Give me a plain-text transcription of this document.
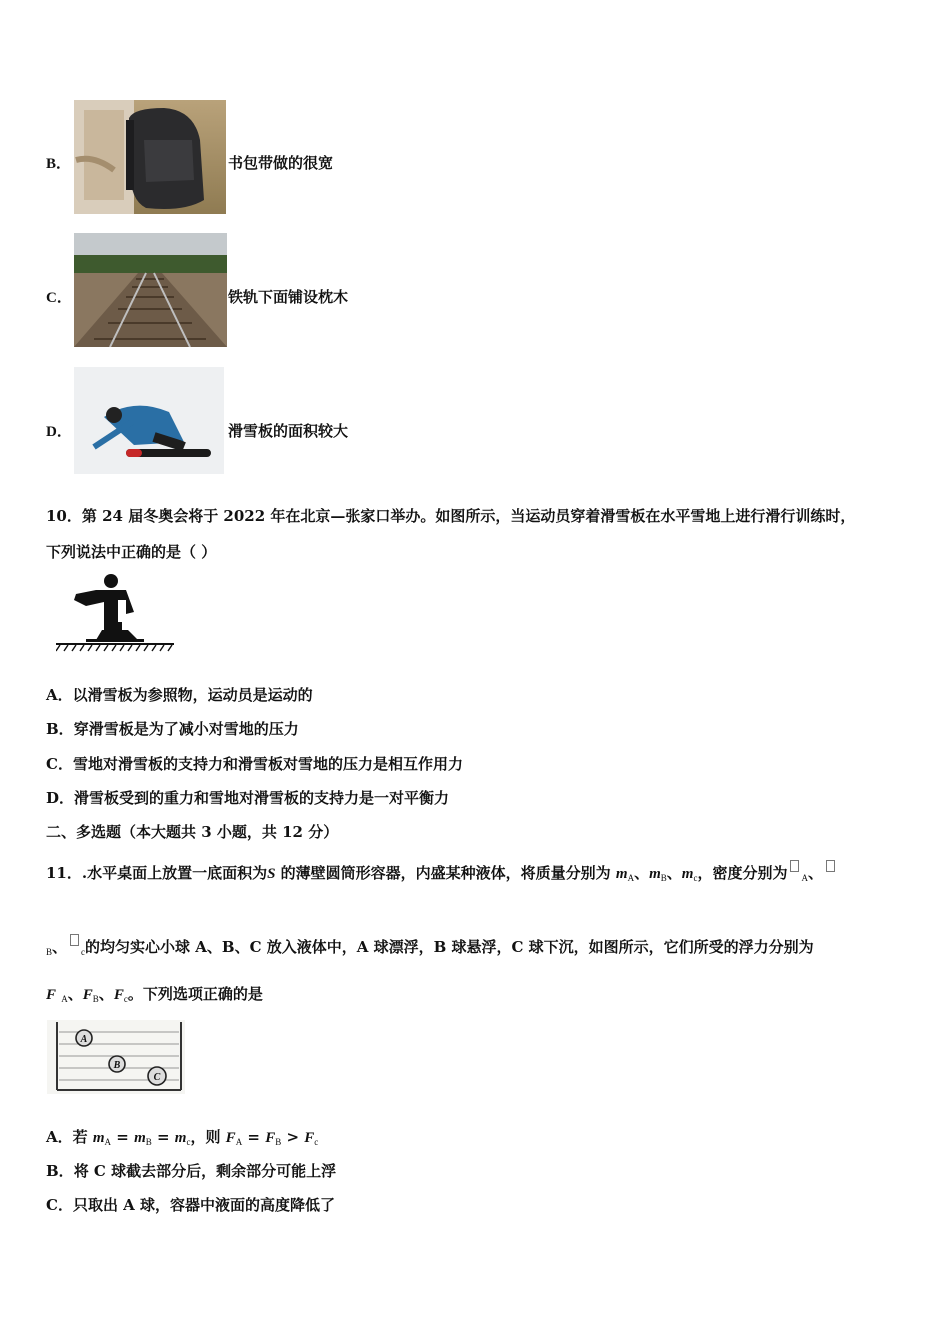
B．	书包带做的很宽
C．	铁轨下面铺设枕木
D．	滑雪板的面积较大
10．第 24 届冬奥会将于 2022 年在北京—张家口举办。如图所示，当运动员穿着滑雪板在水平雪地上进行滑行训练时，
下列说法中正确的是（ ）
A．以滑雪板为参照物，运动员是运动的
B．穿滑雪板是为了减小对雪地的压力
C．雪地对滑雪板的支持力和滑雪板对雪地的压力是相互作用力
D．滑雪板受到的重力和雪地对滑雪板的支持力是一对平衡力
二、多选题（本大题共 3 小题，共 12 分）
11．.水平桌面上放置一底面积为S 的薄壁圆筒形容器，内盛某种液体，将质量分别为 $m_A$、$m_B$、$m_c$，密度分别为 $_A$、
$_B$、 $_c$的均匀实心小球 A、B、C 放入液体中，A 球漂浮，B 球悬浮，C 球下沉，如图所示，它们所受的浮力分别为
F $_A$、$F_B$、$F_c$。下列选项正确的是
A
B
C
A．若 $m_A = m_B = m_c$，则 $F_A = F_B > F_c$
B．将 C 球截去部分后，剩余部分可能上浮
C．只取出 A 球，容器中液面的高度降低了
